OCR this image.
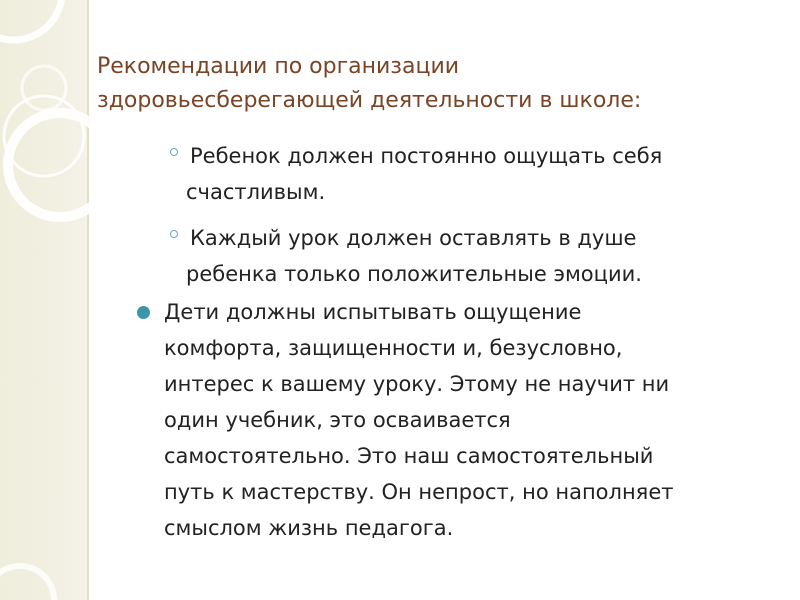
Рекомендации по организации
здоровьесберегающей деятельности в школе:
Ребенок должен постоянно ощущать себя
счастливым.
Каждый урок должен оставлять в душе
ребенка только положительные эмоции.
Дети должны испытывать ощущение
комфорта, защищенности и, безусловно,
интерес к вашему уроку. Этому не научит ни
один учебник, это осваивается
самостоятельно. Это наш самостоятельный
путь к мастерству. Он непрост, но наполняет
смыслом жизнь педагога.
